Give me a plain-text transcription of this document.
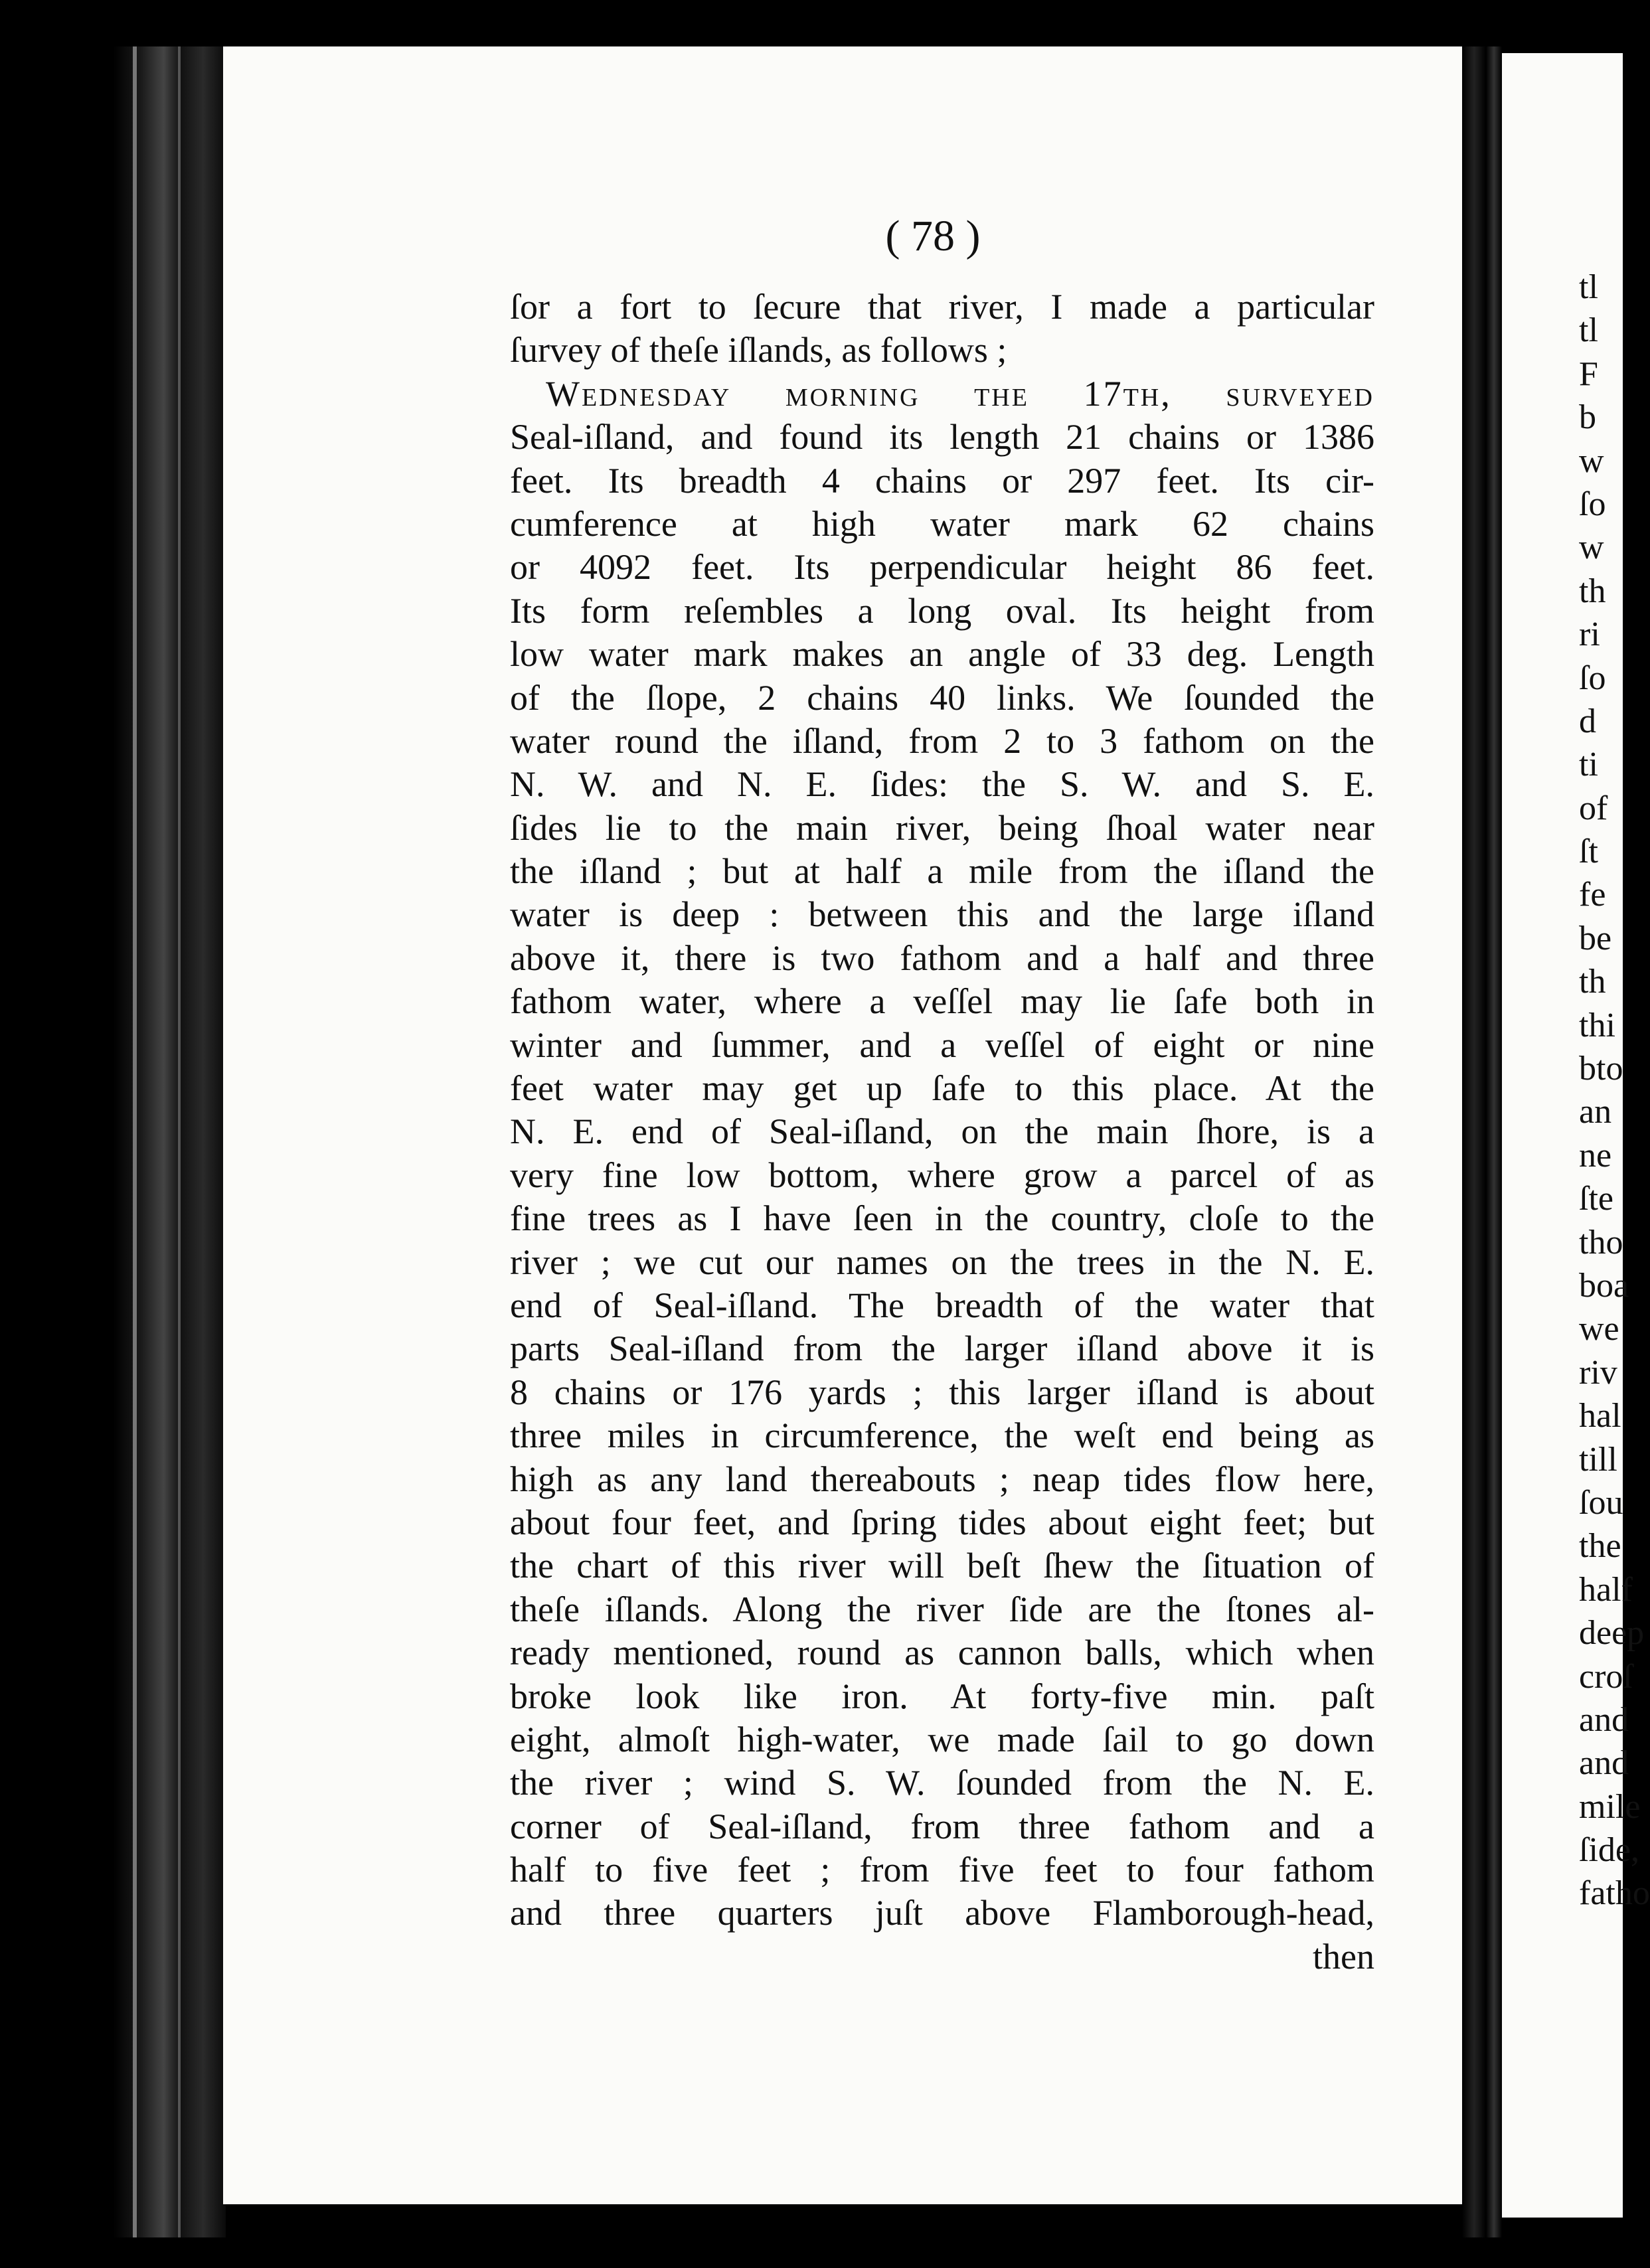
( 78 )
ſor a fort to ſecure that river, I made a particular
ſurvey of theſe iſlands, as follows ;
Wednesday morning the 17th, ſurveyed
Seal-iſland, and found its length 21 chains or 1386
feet. Its breadth 4 chains or 297 feet. Its cir-
cumference at high water mark 62 chains
or 4092 feet. Its perpendicular height 86 feet.
Its form reſembles a long oval. Its height from
low water mark makes an angle of 33 deg. Length
of the ſlope, 2 chains 40 links. We ſounded the
water round the iſland, from 2 to 3 fathom on the
N. W. and N. E. ſides: the S. W. and S. E.
ſides lie to the main river, being ſhoal water near
the iſland ; but at half a mile from the iſland the
water is deep : between this and the large iſland
above it, there is two fathom and a half and three
fathom water, where a veſſel may lie ſafe both in
winter and ſummer, and a veſſel of eight or nine
feet water may get up ſafe to this place. At the
N. E. end of Seal-iſland, on the main ſhore, is a
very fine low bottom, where grow a parcel of as
fine trees as I have ſeen in the country, cloſe to the
river ; we cut our names on the trees in the N. E.
end of Seal-iſland. The breadth of the water that
parts Seal-iſland from the larger iſland above it is
8 chains or 176 yards ; this larger iſland is about
three miles in circumference, the weſt end being as
high as any land thereabouts ; neap tides flow here,
about four feet, and ſpring tides about eight feet; but
the chart of this river will beſt ſhew the ſituation of
theſe iſlands. Along the river ſide are the ſtones al-
ready mentioned, round as cannon balls, which when
broke look like iron. At forty-five min. paſt
eight, almoſt high-water, we made ſail to go down
the river ; wind S. W. ſounded from the N. E.
corner of Seal-iſland, from three fathom and a
half to five feet ; from five feet to four fathom
and three quarters juſt above Flamborough-head,
then
tl
tl
F
b
w
ſo
w
th
ri
ſo
d
ti
of
ſt
fe
be
th
thi
bto
an
ne
ſte
tho
boa
we
riv
hal
till
ſou
the
half
deep
croſ
and
and
mile
ſide,
fatho
